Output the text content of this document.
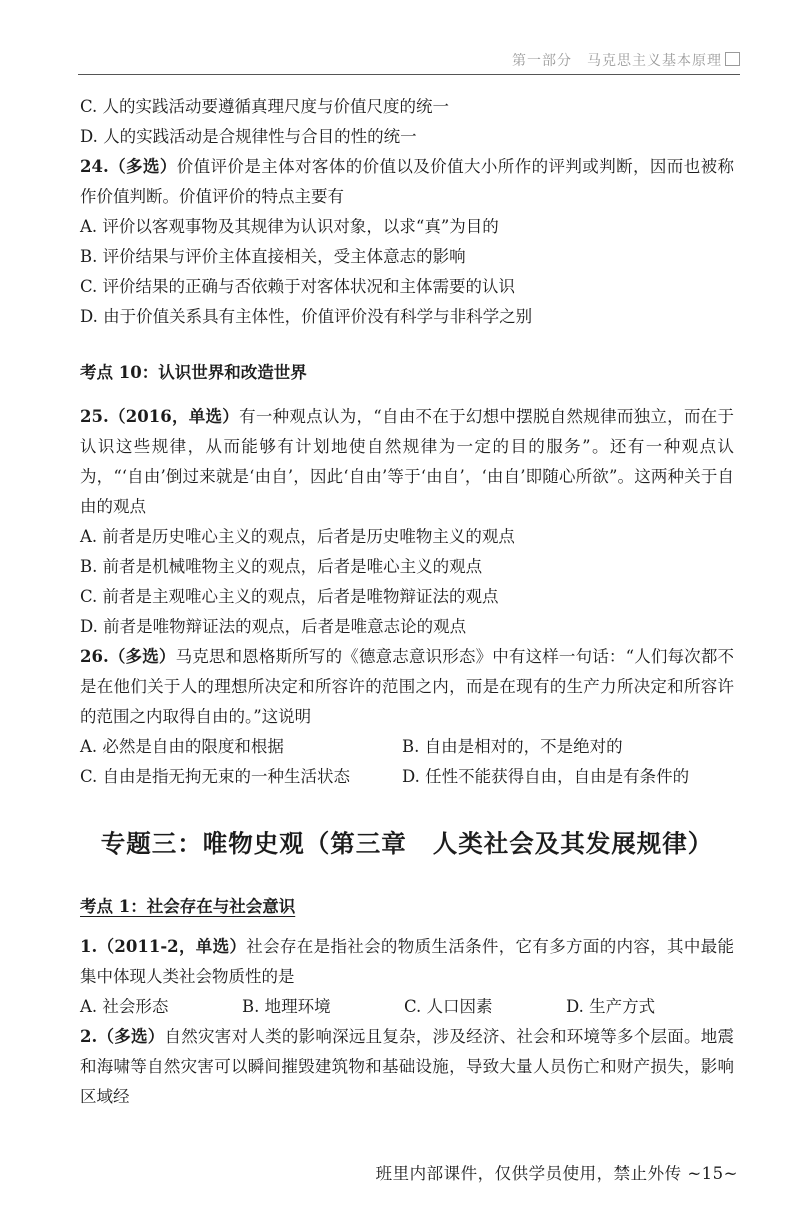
第一部分　马克思主义基本原理
C. 人的实践活动要遵循真理尺度与价值尺度的统一
D. 人的实践活动是合规律性与合目的性的统一
24.（多选）价值评价是主体对客体的价值以及价值大小所作的评判或判断，因而也被称作价值判断。价值评价的特点主要有
A. 评价以客观事物及其规律为认识对象，以求“真”为目的
B. 评价结果与评价主体直接相关，受主体意志的影响
C. 评价结果的正确与否依赖于对客体状况和主体需要的认识
D. 由于价值关系具有主体性，价值评价没有科学与非科学之别
考点 10：认识世界和改造世界
25.（2016，单选）有一种观点认为，“自由不在于幻想中摆脱自然规律而独立，而在于认识这些规律，从而能够有计划地使自然规律为一定的目的服务”。还有一种观点认为，“‘自由’倒过来就是‘由自’，因此‘自由’等于‘由自’，‘由自’即随心所欲”。这两种关于自由的观点
A. 前者是历史唯心主义的观点，后者是历史唯物主义的观点
B. 前者是机械唯物主义的观点，后者是唯心主义的观点
C. 前者是主观唯心主义的观点，后者是唯物辩证法的观点
D. 前者是唯物辩证法的观点，后者是唯意志论的观点
26.（多选）马克思和恩格斯所写的《德意志意识形态》中有这样一句话：“人们每次都不是在他们关于人的理想所决定和所容许的范围之内，而是在现有的生产力所决定和所容许的范围之内取得自由的。”这说明
A. 必然是自由的限度和根据	B. 自由是相对的，不是绝对的
C. 自由是指无拘无束的一种生活状态	D. 任性不能获得自由，自由是有条件的
专题三：唯物史观（第三章 人类社会及其发展规律）
考点 1：社会存在与社会意识
1.（2011-2，单选）社会存在是指社会的物质生活条件，它有多方面的内容，其中最能集中体现人类社会物质性的是
A. 社会形态	B. 地理环境	C. 人口因素	D. 生产方式
2.（多选）自然灾害对人类的影响深远且复杂，涉及经济、社会和环境等多个层面。地震和海啸等自然灾害可以瞬间摧毁建筑物和基础设施，导致大量人员伤亡和财产损失，影响区域经
班里内部课件，仅供学员使用，禁止外传 ~15~
